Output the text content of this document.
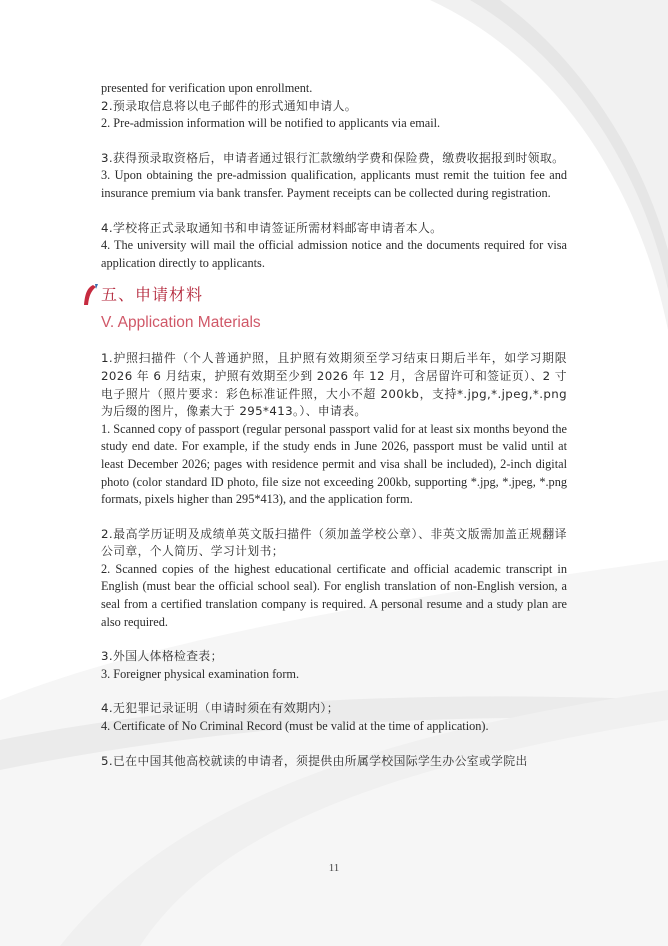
presented for verification upon enrollment.

2.预录取信息将以电子邮件的形式通知申请人。

2. Pre-admission information will be notified to applicants via email.

3.获得预录取资格后，申请者通过银行汇款缴纳学费和保险费，缴费收据报到时领取。

3. Upon obtaining the pre-admission qualification, applicants must remit the tuition fee and insurance premium via bank transfer. Payment receipts can be collected during registration.

4.学校将正式录取通知书和申请签证所需材料邮寄申请者本人。

4. The university will mail the official admission notice and the documents required for visa application directly to applicants.

五、申请材料

V. Application Materials

1.护照扫描件（个人普通护照，且护照有效期须至学习结束日期后半年，如学习期限 2026 年 6 月结束，护照有效期至少到 2026 年 12 月，含居留许可和签证页）、2 寸电子照片（照片要求：彩色标准证件照，大小不超 200kb，支持*.jpg,*.jpeg,*.png 为后缀的图片，像素大于 295*413。）、申请表。

1. Scanned copy of passport (regular personal passport valid for at least six months beyond the study end date. For example, if the study ends in June 2026, passport must be valid until at least December 2026; pages with residence permit and visa shall be included), 2-inch digital photo (color standard ID photo, file size not exceeding 200kb, supporting *.jpg, *.jpeg, *.png formats, pixels higher than 295*413), and the application form.

2.最高学历证明及成绩单英文版扫描件（须加盖学校公章）、非英文版需加盖正规翻译公司章，个人简历、学习计划书；

2. Scanned copies of the highest educational certificate and official academic transcript in English (must bear the official school seal). For english translation of non-English version, a seal from a certified translation company is required. A personal resume and a study plan are also required.

3.外国人体格检查表；

3. Foreigner physical examination form.

4.无犯罪记录证明（申请时须在有效期内）；

4. Certificate of No Criminal Record (must be valid at the time of application).

5.已在中国其他高校就读的申请者，须提供由所属学校国际学生办公室或学院出

11
